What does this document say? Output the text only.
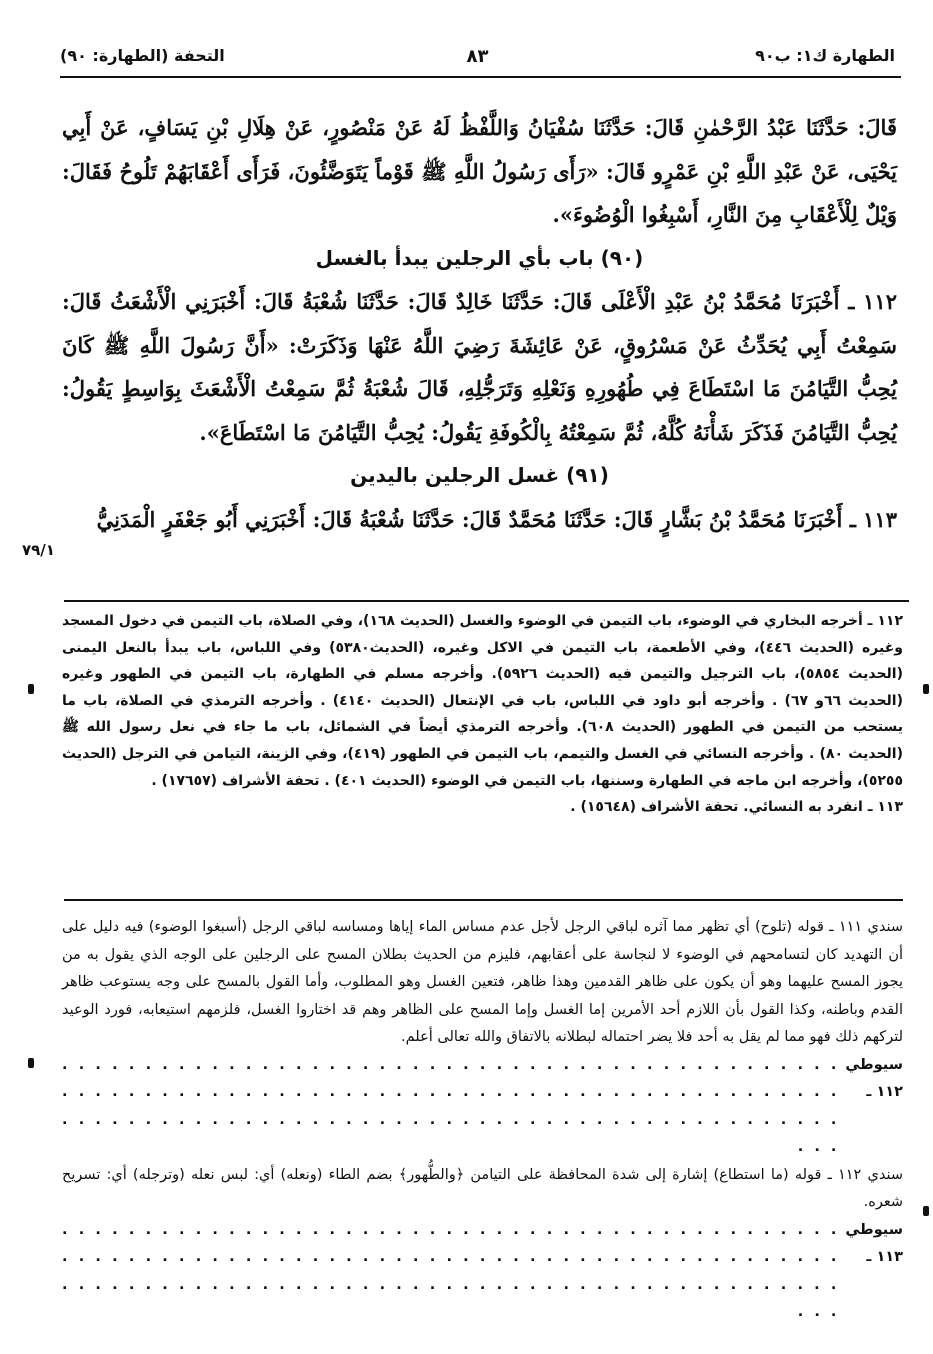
الطهارة ك١: ب٩٠
٨٣
التحفة (الطهارة: ٩٠)

قَالَ: حَدَّثَنَا عَبْدُ الرَّحْمٰنِ قَالَ: حَدَّثَنَا سُفْيَانُ وَاللَّفْظُ لَهُ عَنْ مَنْصُورٍ، عَنْ هِلَالِ بْنِ يَسَافٍ، عَنْ أَبِي يَحْيَى، عَنْ عَبْدِ اللَّهِ بْنِ عَمْرٍو قَالَ: «رَأَى رَسُولُ اللَّهِ ﷺ قَوْماً يَتَوَضَّئُونَ، فَرَأَى أَعْقَابَهُمْ تَلُوحُ فَقَالَ: وَيْلٌ لِلْأَعْقَابِ مِنَ النَّارِ، أَسْبِغُوا الْوُضُوءَ».

(٩٠) باب بأي الرجلين يبدأ بالغسل

١١٢ ـ أَخْبَرَنَا مُحَمَّدُ بْنُ عَبْدِ الْأَعْلَى قَالَ: حَدَّثَنَا خَالِدٌ قَالَ: حَدَّثَنَا شُعْبَةُ قَالَ: أَخْبَرَنِي الْأَشْعَثُ قَالَ: سَمِعْتُ أَبِي يُحَدِّثُ عَنْ مَسْرُوقٍ، عَنْ عَائِشَةَ رَضِيَ اللَّهُ عَنْهَا وَذَكَرَتْ: «أَنَّ رَسُولَ اللَّهِ ﷺ كَانَ يُحِبُّ التَّيَامُنَ مَا اسْتَطَاعَ فِي طُهُورِهِ وَنَعْلِهِ وَتَرَجُّلِهِ، قَالَ شُعْبَةُ ثُمَّ سَمِعْتُ الْأَشْعَثَ بِوَاسِطٍ يَقُولُ: يُحِبُّ التَّيَامُنَ فَذَكَرَ شَأْنَهُ كُلَّهُ، ثُمَّ سَمِعْتُهُ بِالْكُوفَةِ يَقُولُ: يُحِبُّ التَّيَامُنَ مَا اسْتَطَاعَ».

(٩١) غسل الرجلين باليدين

١١٣ ـ أَخْبَرَنَا مُحَمَّدُ بْنُ بَشَّارٍ قَالَ: حَدَّثَنَا مُحَمَّدٌ قَالَ: حَدَّثَنَا شُعْبَةُ قَالَ: أَخْبَرَنِي أَبُو جَعْفَرٍ الْمَدَنِيُّ

٧٩/١

١١٢ ـ أخرجه البخاري في الوضوء، باب التيمن في الوضوء والغسل (الحديث ١٦٨)، وفي الصلاة، باب التيمن في دخول المسجد وغيره (الحديث ٤٤٦)، وفي الأطعمة، باب التيمن في الاكل وغيره، (الحديث٥٣٨٠) وفي اللباس، باب يبدأ بالنعل اليمنى (الحديث ٥٨٥٤)، باب الترجيل والتيمن فيه (الحديث ٥٩٢٦). وأخرجه مسلم في الطهارة، باب التيمن في الطهور وغيره (الحديث ٦٦و ٦٧) . وأخرجه أبو داود في اللباس، باب في الإنتعال (الحديث ٤١٤٠) . وأخرجه الترمذي في الصلاة، باب ما يستحب من التيمن في الطهور (الحديث ٦٠٨). وأخرجه الترمذي أيضاً في الشمائل، باب ما جاء في نعل رسول الله ﷺ (الحديث ٨٠) . وأخرجه النسائي في الغسل والتيمم، باب التيمن في الطهور (٤١٩)، وفي الزينة، التيامن في الترجل (الحديث ٥٢٥٥)، وأخرجه ابن ماجه في الطهارة وسننها، باب التيمن في الوضوء (الحديث ٤٠١) . تحفة الأشراف (١٧٦٥٧) .

١١٣ ـ انفرد به النسائي. تحفة الأشراف (١٥٦٤٨) .

سندي ١١١ ـ قوله (تلوح) أي تظهر مما آثره لباقي الرجل لأجل عدم مساس الماء إياها ومساسه لباقي الرجل (أسبغوا الوضوء) فيه دليل على أن التهديد كان لتسامحهم في الوضوء لا لنجاسة على أعقابهم، فليزم من الحديث بطلان المسح على الرجلين على الوجه الذي يقول به من يجوز المسح عليهما وهو أن يكون على ظاهر القدمين وهذا ظاهر، فتعين الغسل وهو المطلوب، وأما القول بالمسح على وجه يستوعب ظاهر القدم وباطنه، وكذا القول بأن اللازم أحد الأمرين إما الغسل وإما المسح على الظاهر وهم قد اختاروا الغسل، فلزمهم استيعابه، فورد الوعيد لتركهم ذلك فهو مما لم يقل به أحد فلا يضر احتماله لبطلانه بالاتفاق والله تعالى أعلم.

سيوطي ١١٢ ـ
. . . . . . . . . . . . . . . . . . . . . . . . . . . . . . . . . . . . . . . . . . . . . . . . . . . . . . . . . . . . . . . . . . . . . . . . . . . . . . . . . . . . . . . . . . . . . . . . . . . . . . . . . . . . . . . . . . . . . . . . . . . . . . . . . . . . . . . . . . . . . . . .

سندي ١١٢ ـ قوله (ما استطاع) إشارة إلى شدة المحافظة على التيامن ﴿والطُّهور﴾ بضم الطاء (ونعله) أي: لبس نعله (وترجله) أي: تسريح شعره.

سيوطي ١١٣ ـ
. . . . . . . . . . . . . . . . . . . . . . . . . . . . . . . . . . . . . . . . . . . . . . . . . . . . . . . . . . . . . . . . . . . . . . . . . . . . . . . . . . . . . . . . . . . . . . . . . . . . . . . . . . . . . . . . . . . . . . . . . . . . . . . . . . . . . . . . . . . . . . . .
